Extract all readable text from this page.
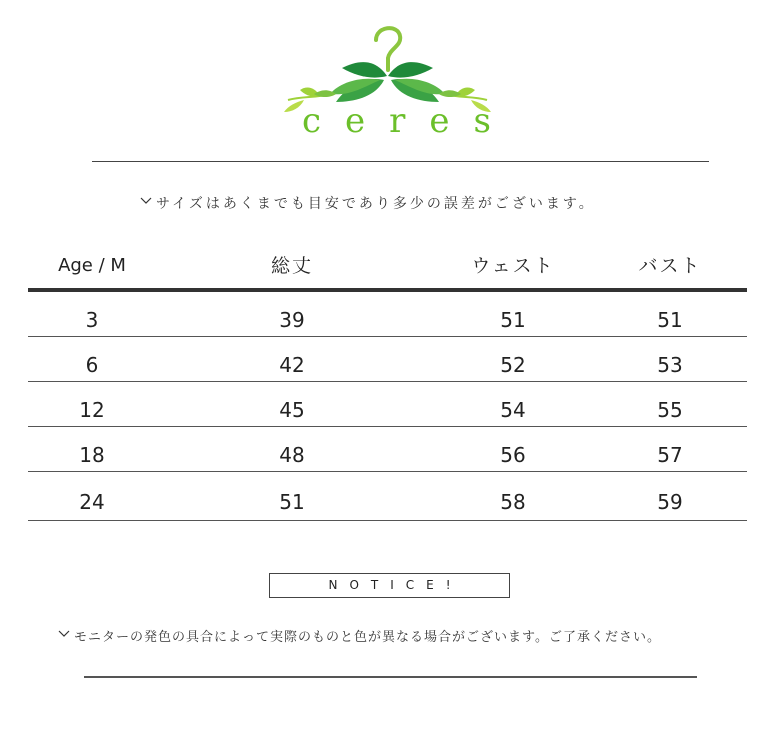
ceres
サイズはあくまでも目安であり多少の誤差がございます。
Age / M	総丈	ウェスト	バスト
3	39	51	51
6	42	52	53
12	45	54	55
18	48	56	57
24	51	58	59
NOTICE!
モニターの発色の具合によって実際のものと色が異なる場合がございます。ご了承ください。
